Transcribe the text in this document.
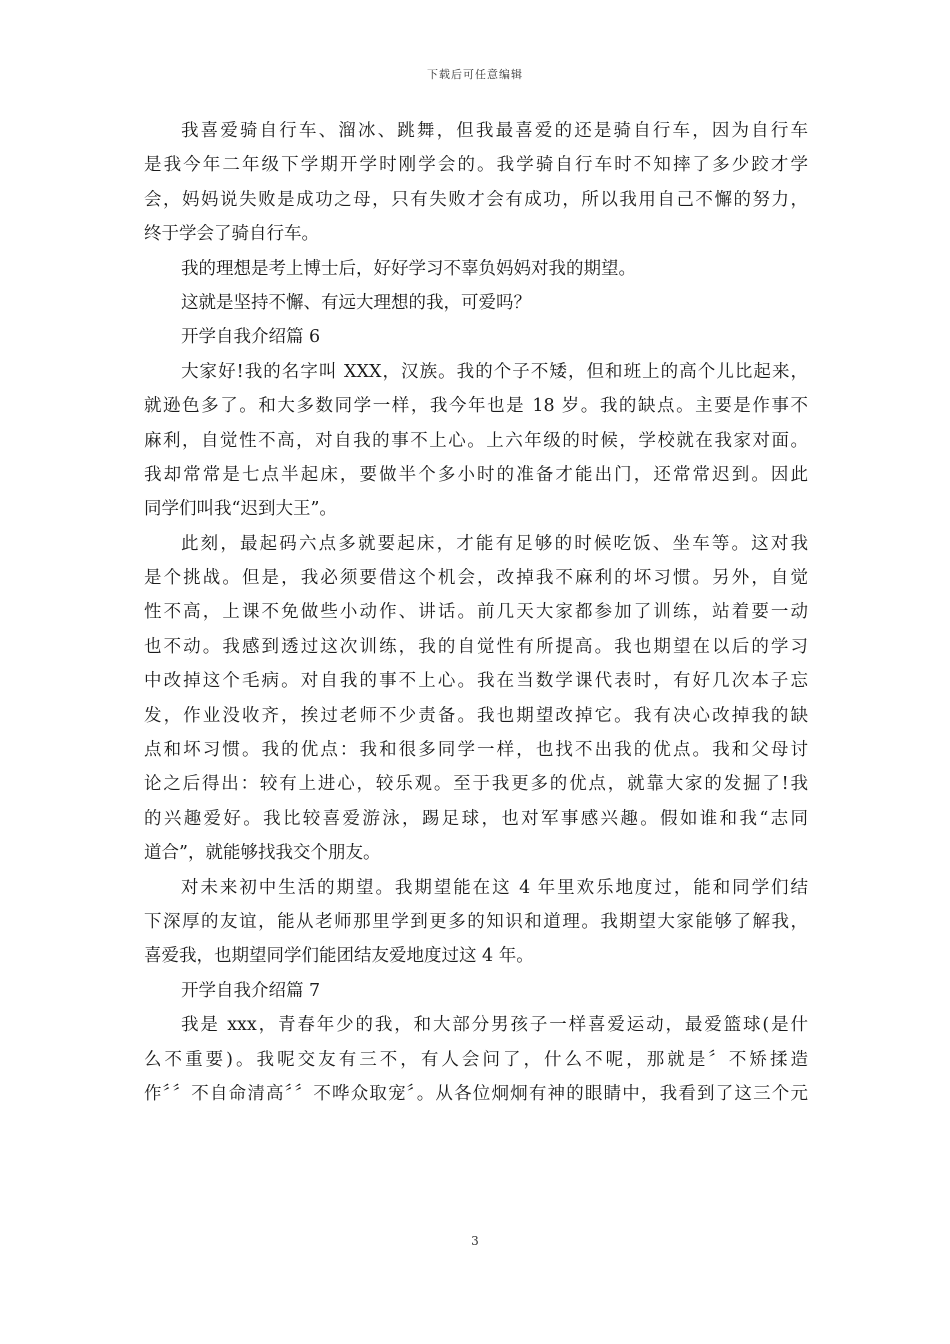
下载后可任意编辑
我喜爱骑自行车、溜冰、跳舞，但我最喜爱的还是骑自行车，因为自行车
是我今年二年级下学期开学时刚学会的。我学骑自行车时不知摔了多少跤才学
会，妈妈说失败是成功之母，只有失败才会有成功，所以我用自己不懈的努力，
终于学会了骑自行车。
我的理想是考上博士后，好好学习不辜负妈妈对我的期望。
这就是坚持不懈、有远大理想的我，可爱吗？
开学自我介绍篇 6
大家好!我的名字叫 XXX，汉族。我的个子不矮，但和班上的高个儿比起来，
就逊色多了。和大多数同学一样，我今年也是 18 岁。我的缺点。主要是作事不
麻利，自觉性不高，对自我的事不上心。上六年级的时候，学校就在我家对面。
我却常常是七点半起床，要做半个多小时的准备才能出门，还常常迟到。因此
同学们叫我“迟到大王”。
此刻，最起码六点多就要起床，才能有足够的时候吃饭、坐车等。这对我
是个挑战。但是，我必须要借这个机会，改掉我不麻利的坏习惯。另外，自觉
性不高，上课不免做些小动作、讲话。前几天大家都参加了训练，站着要一动
也不动。我感到透过这次训练，我的自觉性有所提高。我也期望在以后的学习
中改掉这个毛病。对自我的事不上心。我在当数学课代表时，有好几次本子忘
发，作业没收齐，挨过老师不少责备。我也期望改掉它。我有决心改掉我的缺
点和坏习惯。我的优点：我和很多同学一样，也找不出我的优点。我和父母讨
论之后得出：较有上进心，较乐观。至于我更多的优点，就靠大家的发掘了!我
的兴趣爱好。我比较喜爱游泳，踢足球，也对军事感兴趣。假如谁和我“志同
道合”，就能够找我交个朋友。
对未来初中生活的期望。我期望能在这 4 年里欢乐地度过，能和同学们结
下深厚的友谊，能从老师那里学到更多的知识和道理。我期望大家能够了解我，
喜爱我，也期望同学们能团结友爱地度过这 4 年。
开学自我介绍篇 7
我是 xxx，青春年少的我，和大部分男孩子一样喜爱运动，最爱篮球(是什
么不重要)。我呢交友有三不，有人会问了，什么不呢，那就是〞不矫揉造
作〞〞不自命清高〞〞不哗众取宠〞。从各位炯炯有神的眼睛中，我看到了这三个元
3
